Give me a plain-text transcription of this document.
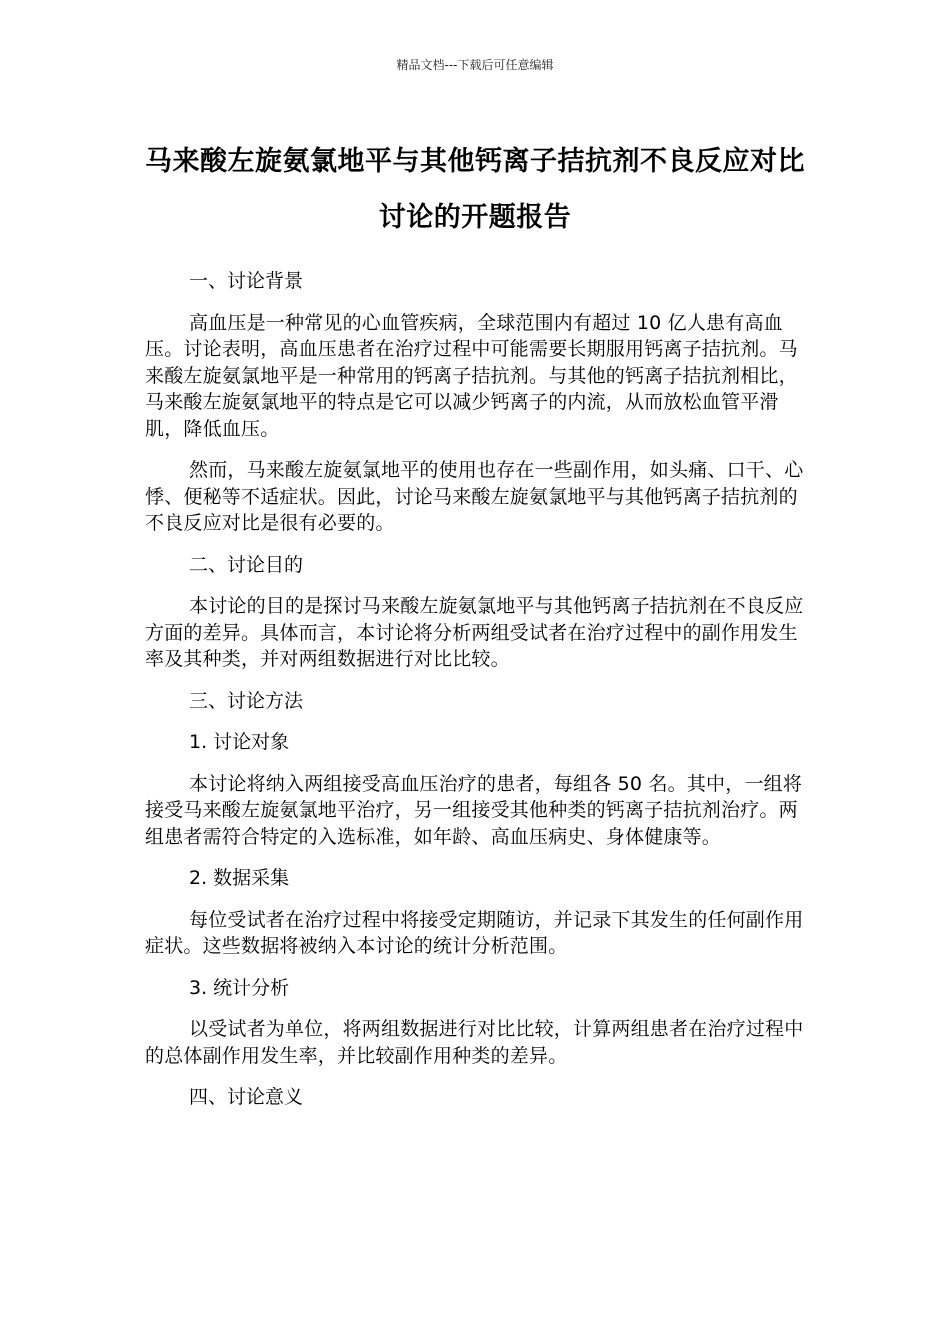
精品文档---下载后可任意编辑
马来酸左旋氨氯地平与其他钙离子拮抗剂不良反应对比讨论的开题报告

一、讨论背景

高血压是一种常见的心血管疾病，全球范围内有超过 10 亿人患有高血压。讨论表明，高血压患者在治疗过程中可能需要长期服用钙离子拮抗剂。马来酸左旋氨氯地平是一种常用的钙离子拮抗剂。与其他的钙离子拮抗剂相比，马来酸左旋氨氯地平的特点是它可以减少钙离子的内流，从而放松血管平滑肌，降低血压。

然而，马来酸左旋氨氯地平的使用也存在一些副作用，如头痛、口干、心悸、便秘等不适症状。因此，讨论马来酸左旋氨氯地平与其他钙离子拮抗剂的不良反应对比是很有必要的。

二、讨论目的

本讨论的目的是探讨马来酸左旋氨氯地平与其他钙离子拮抗剂在不良反应方面的差异。具体而言，本讨论将分析两组受试者在治疗过程中的副作用发生率及其种类，并对两组数据进行对比比较。

三、讨论方法

1. 讨论对象

本讨论将纳入两组接受高血压治疗的患者，每组各 50 名。其中，一组将接受马来酸左旋氨氯地平治疗，另一组接受其他种类的钙离子拮抗剂治疗。两组患者需符合特定的入选标准，如年龄、高血压病史、身体健康等。

2. 数据采集

每位受试者在治疗过程中将接受定期随访，并记录下其发生的任何副作用症状。这些数据将被纳入本讨论的统计分析范围。

3. 统计分析

以受试者为单位，将两组数据进行对比比较，计算两组患者在治疗过程中的总体副作用发生率，并比较副作用种类的差异。

四、讨论意义
